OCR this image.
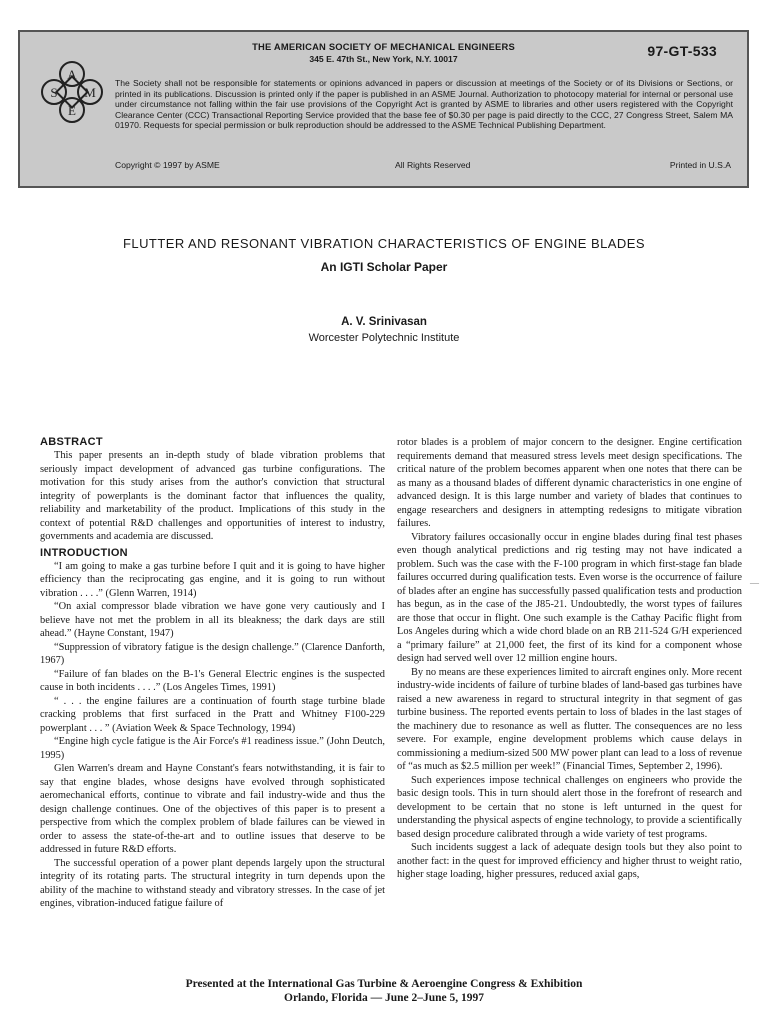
A
S M
E
THE AMERICAN SOCIETY OF MECHANICAL ENGINEERS
345 E. 47th St., New York, N.Y. 10017	97-GT-533
The Society shall not be responsible for statements or opinions advanced in papers or discussion at meetings of the Society or of its Divisions or Sections, or printed in its publications. Discussion is printed only if the paper is published in an ASME Journal. Authorization to photocopy material for internal or personal use under circumstance not falling within the fair use provisions of the Copyright Act is granted by ASME to libraries and other users registered with the Copyright Clearance Center (CCC) Transactional Reporting Service provided that the base fee of $0.30 per page is paid directly to the CCC, 27 Congress Street, Salem MA 01970. Requests for special permission or bulk reproduction should be addressed to the ASME Technical Publishing Department.
Copyright © 1997 by ASME	All Rights Reserved	Printed in U.S.A
FLUTTER AND RESONANT VIBRATION CHARACTERISTICS OF ENGINE BLADES
An IGTI Scholar Paper
A. V. Srinivasan
Worcester Polytechnic Institute
ABSTRACT

This paper presents an in-depth study of blade vibration problems that seriously impact development of advanced gas turbine configurations. The motivation for this study arises from the author's conviction that structural integrity of powerplants is the dominant factor that influences the quality, reliability and marketability of the product. Implications of this study in the context of potential R&D challenges and opportunities of interest to industry, governments and academia are discussed.

INTRODUCTION

“I am going to make a gas turbine before I quit and it is going to have higher efficiency than the reciprocating gas engine, and it is going to run without vibration . . . .” (Glenn Warren, 1914)

“On axial compressor blade vibration we have gone very cautiously and I believe have not met the problem in all its bleakness; the dark days are still ahead.” (Hayne Constant, 1947)

“Suppression of vibratory fatigue is the design challenge.” (Clarence Danforth, 1967)

“Failure of fan blades on the B-1's General Electric engines is the suspected cause in both incidents . . . .” (Los Angeles Times, 1991)

“ . . . the engine failures are a continuation of fourth stage turbine blade cracking problems that first surfaced in the Pratt and Whitney F100-229 powerplant . . . ” (Aviation Week & Space Technology, 1994)

“Engine high cycle fatigue is the Air Force's #1 readiness issue.” (John Deutch, 1995)

Glen Warren's dream and Hayne Constant's fears notwithstanding, it is fair to say that engine blades, whose designs have evolved through sophisticated aeromechanical efforts, continue to vibrate and fail industry-wide and thus the design challenge continues. One of the objectives of this paper is to present a perspective from which the complex problem of blade failures can be viewed in order to assess the state-of-the-art and to outline issues that deserve to be addressed in future R&D efforts.

The successful operation of a power plant depends largely upon the structural integrity of its rotating parts. The structural integrity in turn depends upon the ability of the machine to withstand steady and vibratory stresses. In the case of jet engines, vibration-induced fatigue failure of

rotor blades is a problem of major concern to the designer. Engine certification requirements demand that measured stress levels meet design specifications. The critical nature of the problem becomes apparent when one notes that there can be as many as a thousand blades of different dynamic characteristics in one engine of advanced design. It is this large number and variety of blades that continues to engage researchers and designers in attempting redesigns to mitigate vibration failures.

Vibratory failures occasionally occur in engine blades during final test phases even though analytical predictions and rig testing may not have indicated a problem. Such was the case with the F-100 program in which first-stage fan blade failures occurred during qualification tests. Even worse is the occurrence of failure of blades after an engine has successfully passed qualification tests and production has begun, as in the case of the J85-21. Undoubtedly, the worst types of failures are those that occur in flight. One such example is the Cathay Pacific flight from Los Angeles during which a wide chord blade on an RB 211-524 G/H experienced a “primary failure” at 21,000 feet, the first of its kind for a component whose design had served well over 12 million engine hours.

By no means are these experiences limited to aircraft engines only. More recent industry-wide incidents of failure of turbine blades of land-based gas turbines have raised a new awareness in regard to structural integrity in that segment of gas turbine business. The reported events pertain to loss of blades in the last stages of the machinery due to resonance as well as flutter. The consequences are no less severe. For example, engine development problems which cause delays in commissioning a medium-sized 500 MW power plant can lead to a loss of revenue of “as much as $2.5 million per week!” (Financial Times, September 2, 1996).

Such experiences impose technical challenges on engineers who provide the basic design tools. This in turn should alert those in the forefront of research and development to be certain that no stone is left unturned in the quest for understanding the physical aspects of engine technology, to provide a scientifically based design procedure calibrated through a wide variety of test programs.

Such incidents suggest a lack of adequate design tools but they also point to another fact: in the quest for improved efficiency and higher thrust to weight ratio, higher stage loading, higher pressures, reduced axial gaps,

—
Presented at the International Gas Turbine & Aeroengine Congress & Exhibition
Orlando, Florida — June 2–June 5, 1997
